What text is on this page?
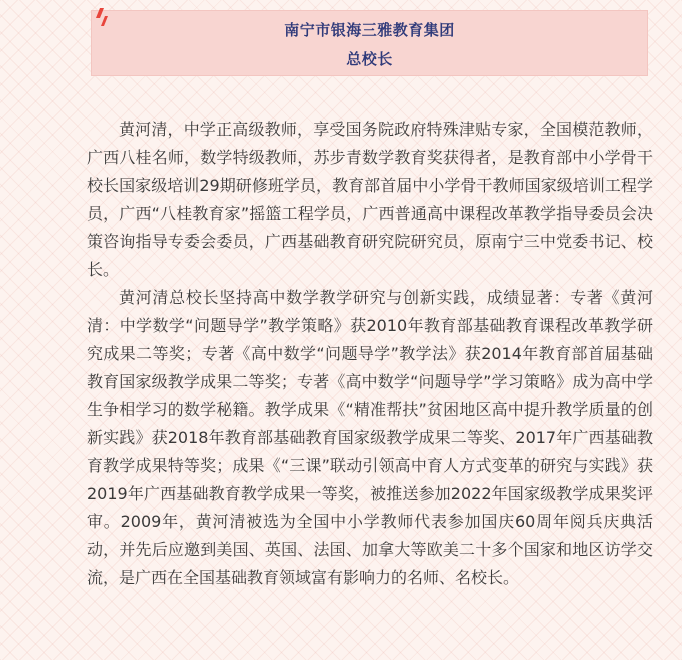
南宁市银海三雅教育集团
总校长

黄河清，中学正高级教师，享受国务院政府特殊津贴专家，全国模范教师，广西八桂名师，数学特级教师，苏步青数学教育奖获得者，是教育部中小学骨干校长国家级培训29期研修班学员，教育部首届中小学骨干教师国家级培训工程学员，广西“八桂教育家”摇篮工程学员，广西普通高中课程改革教学指导委员会决策咨询指导专委会委员，广西基础教育研究院研究员，原南宁三中党委书记、校长。

黄河清总校长坚持高中数学教学研究与创新实践，成绩显著：专著《黄河清：中学数学“问题导学”教学策略》获2010年教育部基础教育课程改革教学研究成果二等奖；专著《高中数学“问题导学”教学法》获2014年教育部首届基础教育国家级教学成果二等奖；专著《高中数学“问题导学”学习策略》成为高中学生争相学习的数学秘籍。教学成果《“精准帮扶”贫困地区高中提升教学质量的创新实践》获2018年教育部基础教育国家级教学成果二等奖、2017年广西基础教育教学成果特等奖；成果《“三课”联动引领高中育人方式变革的研究与实践》获2019年广西基础教育教学成果一等奖，被推送参加2022年国家级教学成果奖评审。2009年，黄河清被选为全国中小学教师代表参加国庆60周年阅兵庆典活动，并先后应邀到美国、英国、法国、加拿大等欧美二十多个国家和地区访学交流，是广西在全国基础教育领域富有影响力的名师、名校长。
